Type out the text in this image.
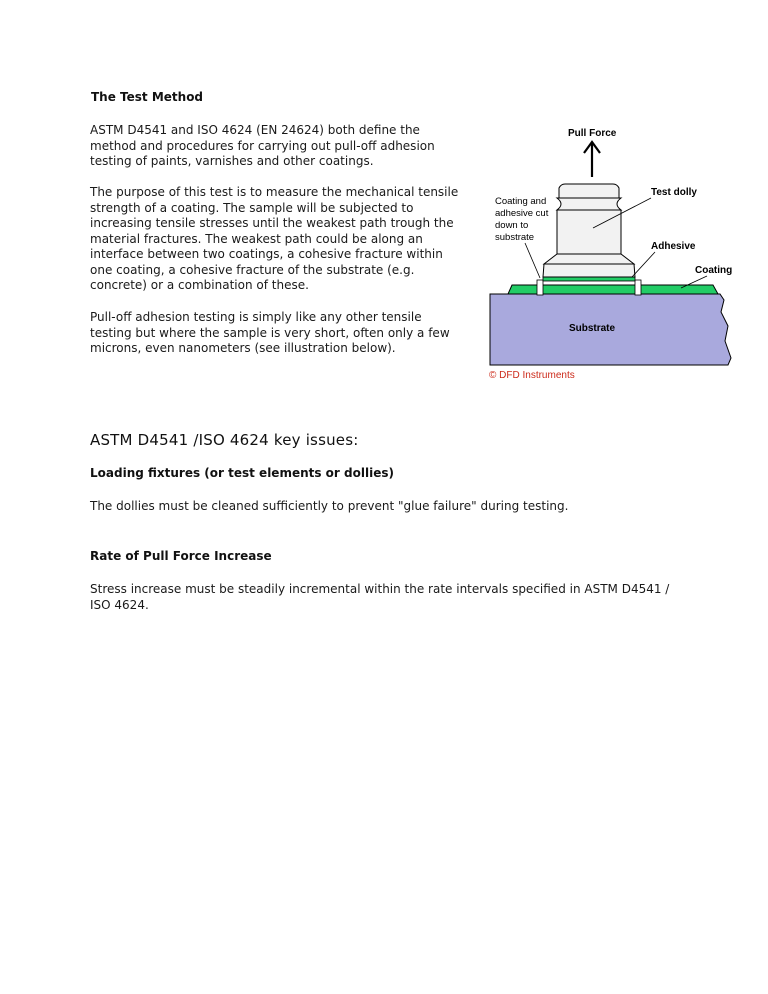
The Test Method

ASTM D4541 and ISO 4624 (EN 24624) both define the
method and procedures for carrying out pull-off adhesion
testing of paints, varnishes and other coatings.

The purpose of this test is to measure the mechanical tensile
strength of a coating. The sample will be subjected to
increasing tensile stresses until the weakest path trough the
material fractures. The weakest path could be along an
interface between two coatings, a cohesive fracture within
one coating, a cohesive fracture of the substrate (e.g.
concrete) or a combination of these.

Pull-off adhesion testing is simply like any other tensile
testing but where the sample is very short, often only a few
microns, even nanometers (see illustration below).

Pull Force
Substrate
Test dolly
Coating and
adhesive cut
down to
substrate
Adhesive
Coating
© DFD Instruments
ASTM D4541 /ISO 4624 key issues:
Loading fixtures (or test elements or dollies)

The dollies must be cleaned sufficiently to prevent "glue failure" during testing.

Rate of Pull Force Increase

Stress increase must be steadily incremental within the rate intervals specified in ASTM D4541 /
ISO 4624.
